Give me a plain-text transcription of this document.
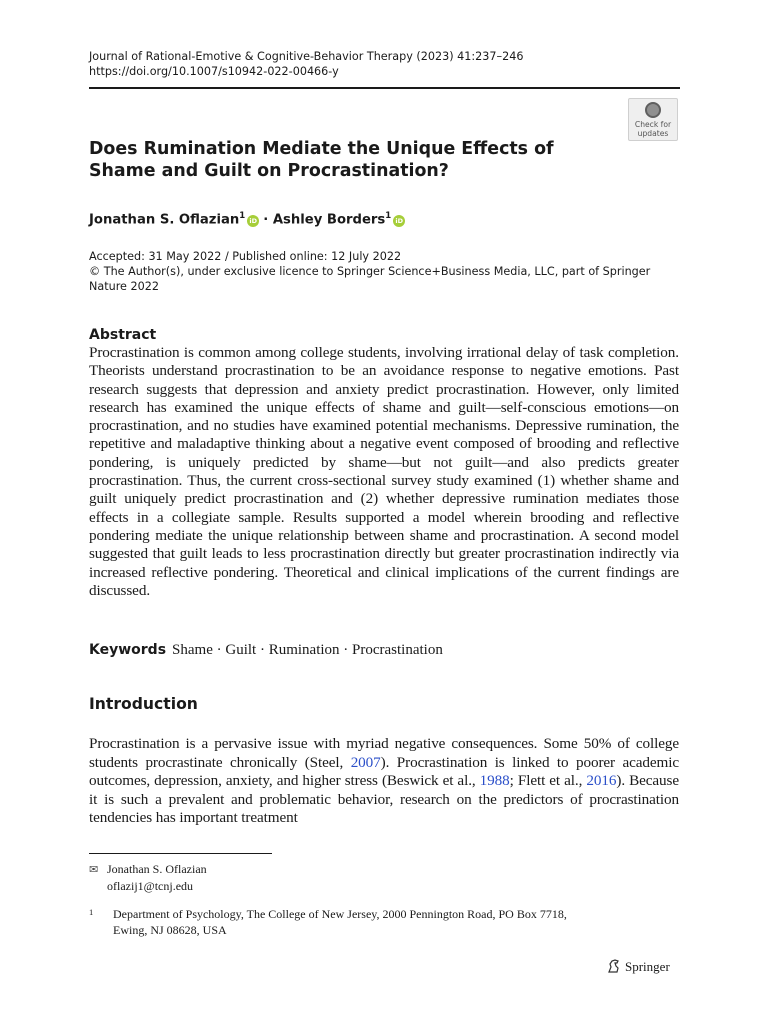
Journal of Rational-Emotive & Cognitive-Behavior Therapy (2023) 41:237–246
https://doi.org/10.1007/s10942-022-00466-y
Check for
updates
Does Rumination Mediate the Unique Effects of Shame and Guilt on Procrastination?
Jonathan S. Oflazian$^1$iD · Ashley Borders$^1$iD
Accepted: 31 May 2022 / Published online: 12 July 2022
© The Author(s), under exclusive licence to Springer Science+Business Media, LLC, part of Springer Nature 2022
Abstract
Procrastination is common among college students, involving irrational delay of task completion. Theorists understand procrastination to be an avoidance response to negative emotions. Past research suggests that depression and anxiety predict procrastination. However, only limited research has examined the unique effects of shame and guilt—self-conscious emotions—on procrastination, and no studies have examined potential mechanisms. Depressive rumination, the repetitive and maladaptive thinking about a negative event composed of brooding and reflective pondering, is uniquely predicted by shame—but not guilt—and also predicts greater procrastination. Thus, the current cross-sectional survey study examined (1) whether shame and guilt uniquely predict procrastination and (2) whether depressive rumination mediates those effects in a collegiate sample. Results supported a model wherein brooding and reflective pondering mediate the unique relationship between shame and procrastination. A second model suggested that guilt leads to less procrastination directly but greater procrastination indirectly via increased reflective pondering. Theoretical and clinical implications of the current findings are discussed.
Keywords Shame · Guilt · Rumination · Procrastination
Introduction
Procrastination is a pervasive issue with myriad negative consequences. Some 50% of college students procrastinate chronically (Steel, 2007). Procrastination is linked to poorer academic outcomes, depression, anxiety, and higher stress (Beswick et al., 1988; Flett et al., 2016). Because it is such a prevalent and problematic behavior, research on the predictors of procrastination tendencies has important treatment
✉ Jonathan S. Oflazian
oflazij1@tcnj.edu
1 Department of Psychology, The College of New Jersey, 2000 Pennington Road, PO Box 7718,
Ewing, NJ 08628, USA
Springer
